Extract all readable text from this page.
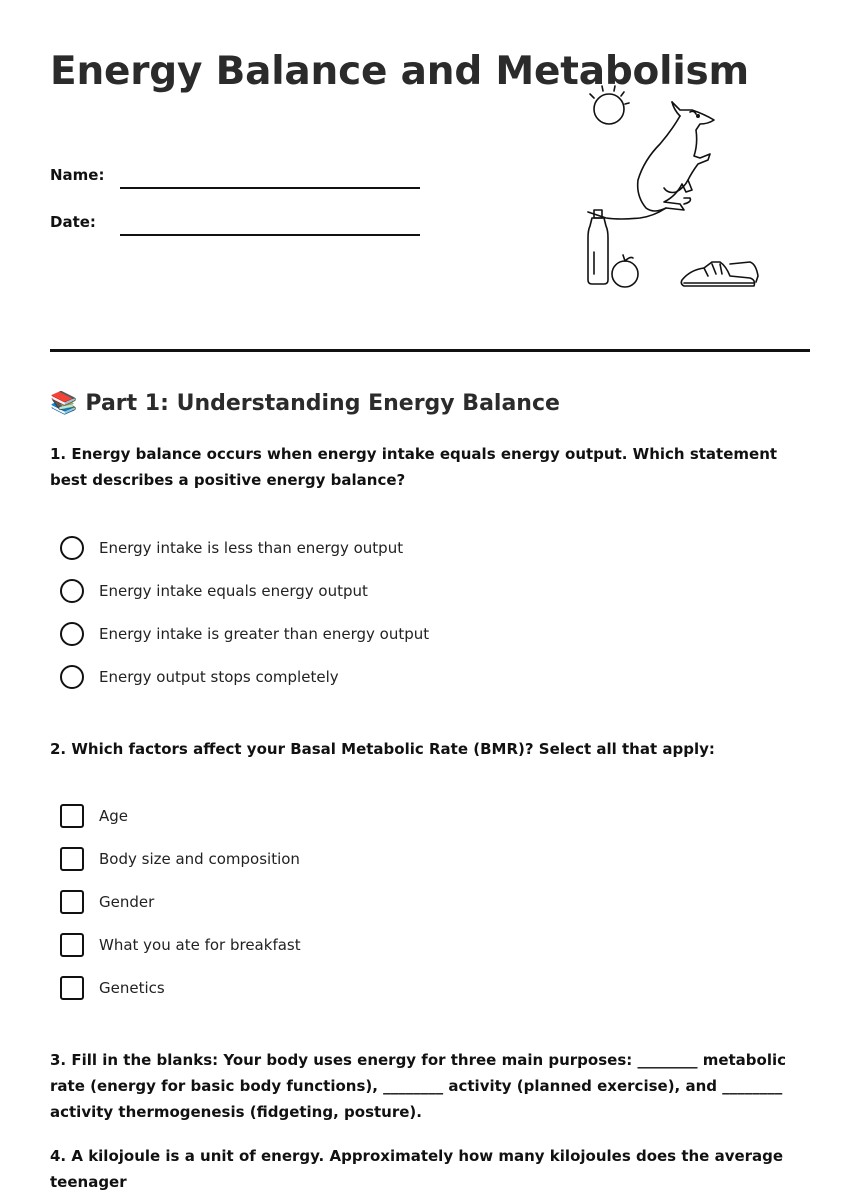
Energy Balance and Metabolism
Name:
Date:
📚 Part 1: Understanding Energy Balance

1. Energy balance occurs when energy intake equals energy output. Which statement best describes a positive energy balance?

Energy intake is less than energy output
Energy intake equals energy output
Energy intake is greater than energy output
Energy output stops completely

2. Which factors affect your Basal Metabolic Rate (BMR)? Select all that apply:

Age
Body size and composition
Gender
What you ate for breakfast
Genetics

3. Fill in the blanks: Your body uses energy for three main purposes: ________ metabolic rate (energy for basic body functions), ________ activity (planned exercise), and ________ activity thermogenesis (fidgeting, posture).

4. A kilojoule is a unit of energy. Approximately how many kilojoules does the average teenager
